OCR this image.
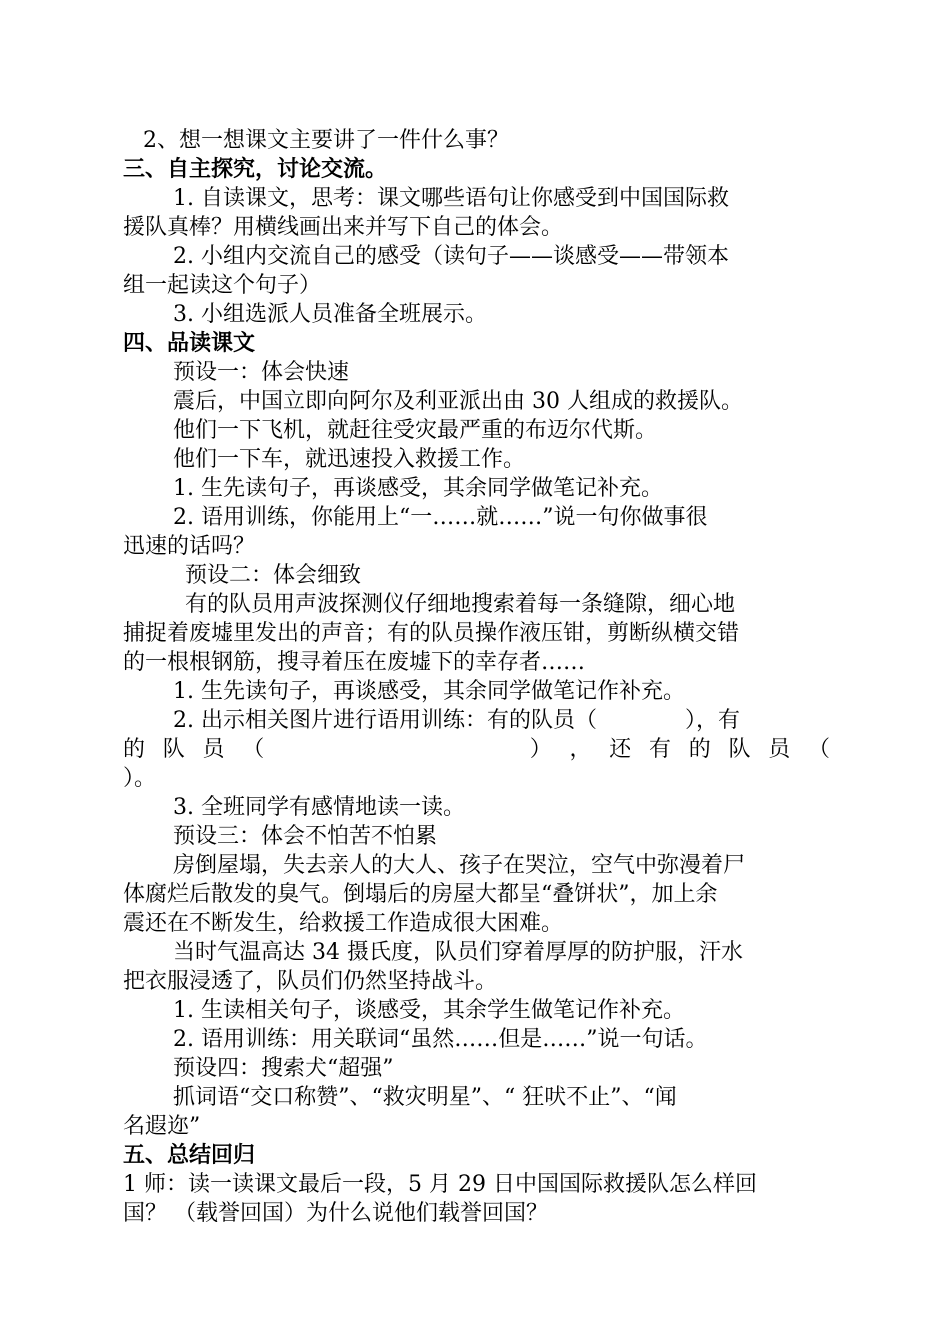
2、想一想课文主要讲了一件什么事？
三、自主探究，讨论交流。
1. 自读课文，思考：课文哪些语句让你感受到中国国际救
援队真棒？用横线画出来并写下自己的体会。
2. 小组内交流自己的感受（读句子——谈感受——带领本
组一起读这个句子）
3. 小组选派人员准备全班展示。
四、品读课文
预设一：体会快速
震后，中国立即向阿尔及利亚派出由 30 人组成的救援队。
他们一下飞机，就赶往受灾最严重的布迈尔代斯。
他们一下车，就迅速投入救援工作。
1. 生先读句子，再谈感受，其余同学做笔记补充。
2. 语用训练，你能用上“一……就……”说一句你做事很
迅速的话吗？
预设二：体会细致
有的队员用声波探测仪仔细地搜索着每一条缝隙，细心地
捕捉着废墟里发出的声音；有的队员操作液压钳，剪断纵横交错
的一根根钢筋，搜寻着压在废墟下的幸存者……
1. 生先读句子，再谈感受，其余同学做笔记作补充。
2. 出示相关图片进行语用训练：有的队员（　　　　），有
的 队 员 （	） ， 还 有 的 队 员 （
）。
3. 全班同学有感情地读一读。
预设三：体会不怕苦不怕累
房倒屋塌，失去亲人的大人、孩子在哭泣，空气中弥漫着尸
体腐烂后散发的臭气。倒塌后的房屋大都呈“叠饼状”，加上余
震还在不断发生，给救援工作造成很大困难。
当时气温高达 34 摄氏度，队员们穿着厚厚的防护服，汗水
把衣服浸透了，队员们仍然坚持战斗。
1. 生读相关句子，谈感受，其余学生做笔记作补充。
2. 语用训练：用关联词“虽然……但是……”说一句话。
预设四：搜索犬“超强”
抓词语“交口称赞”、“救灾明星”、“ 狂吠不止”、“闻
名遐迩”
五、总结回归
1 师：读一读课文最后一段，5 月 29 日中国国际救援队怎么样回
国？ （载誉回国）为什么说他们载誉回国？
